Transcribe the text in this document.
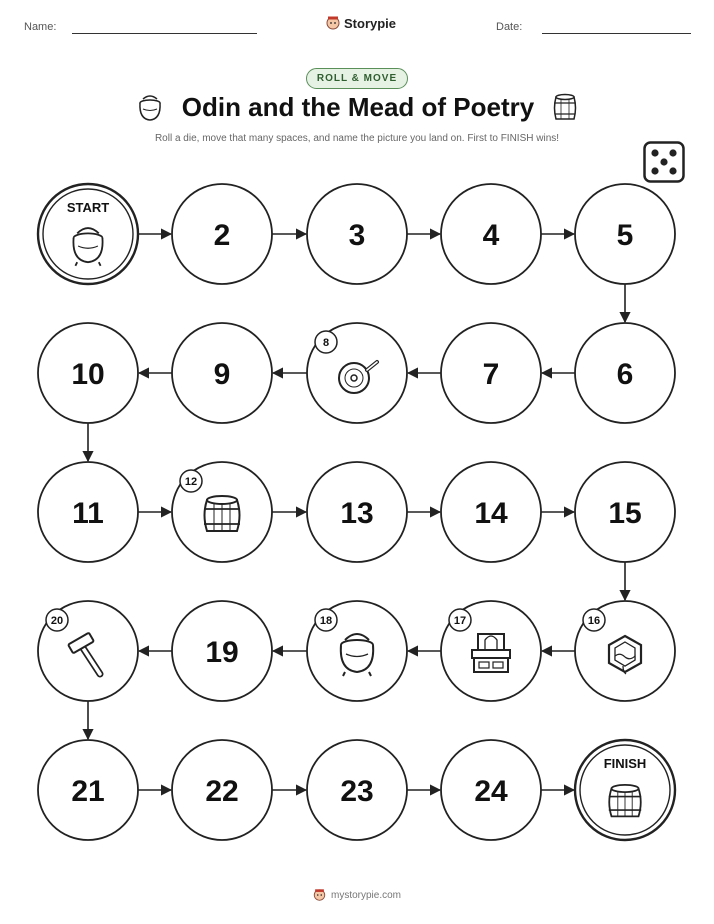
Name:	Storypie	Date:
ROLL & MOVE
Odin and the Mead of Poetry
Roll a die, move that many spaces, and name the picture you land on. First to FINISH wins!
START
2	3	4	5
6
7
8
9
10
11
12
13	14	15
16
17
18
19
20
21	22	23	24
FINISH
mystorypie.com
